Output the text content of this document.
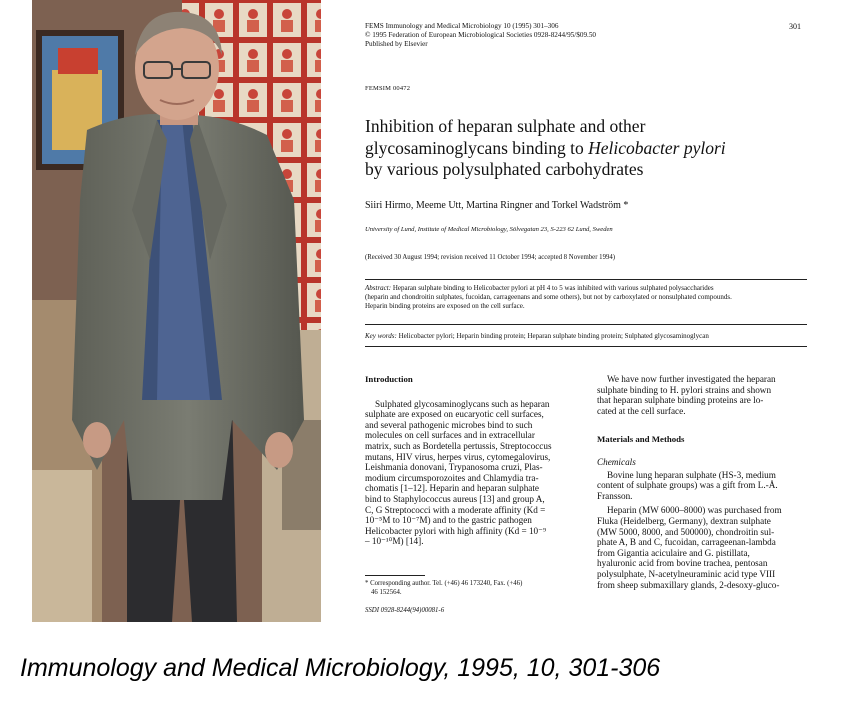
FEMS Immunology and Medical Microbiology 10 (1995) 301–306
© 1995 Federation of European Microbiological Societies 0928-8244/95/$09.50
Published by Elsevier
301
FEMSIM 00472
Inhibition of heparan sulphate and other
glycosaminoglycans binding to Helicobacter pylori
by various polysulphated carbohydrates
Siiri Hirmo, Meeme Utt, Martina Ringner and Torkel Wadström *
University of Lund, Institute of Medical Microbiology, Sölvegatan 23, S-223 62 Lund, Sweden
(Received 30 August 1994; revision received 11 October 1994; accepted 8 November 1994)
Abstract: Heparan sulphate binding to Helicobacter pylori at pH 4 to 5 was inhibited with various sulphated polysaccharides
(heparin and chondroitin sulphates, fucoidan, carrageenans and some others), but not by carboxylated or nonsulphated compounds.
Heparin binding proteins are exposed on the cell surface.
Key words: Helicobacter pylori; Heparin binding protein; Heparan sulphate binding protein; Sulphated glycosaminoglycan
Introduction
Sulphated glycosaminoglycans such as heparan
sulphate are exposed on eucaryotic cell surfaces,
and several pathogenic microbes bind to such
molecules on cell surfaces and in extracellular
matrix, such as Bordetella pertussis, Streptococcus
mutans, HIV virus, herpes virus, cytomegalovirus,
Leishmania donovani, Trypanosoma cruzi, Plas-
modium circumsporozoites and Chlamydia tra-
chomatis [1–12]. Heparin and heparan sulphate
bind to Staphylococcus aureus [13] and group A,
C, G Streptococci with a moderate affinity (Kd =
10⁻⁵M to 10⁻⁷M) and to the gastric pathogen
Helicobacter pylori with high affinity (Kd = 10⁻⁹
– 10⁻¹⁰M) [14].
* Corresponding author. Tel. (+46) 46 173240, Fax. (+46)
46 152564.
SSDI 0928-8244(94)00081-6
We have now further investigated the heparan
sulphate binding to H. pylori strains and shown
that heparan sulphate binding proteins are lo-
cated at the cell surface.
Materials and Methods
Chemicals
Bovine lung heparan sulphate (HS-3, medium
content of sulphate groups) was a gift from L.-Å.
Fransson.
Heparin (MW 6000–8000) was purchased from
Fluka (Heidelberg, Germany), dextran sulphate
(MW 5000, 8000, and 500000), chondroitin sul-
phate A, B and C, fucoidan, carrageenan-lambda
from Gigantia aciculaire and G. pistillata,
hyaluronic acid from bovine trachea, pentosan
polysulphate, N-acetylneuraminic acid type VIII
from sheep submaxillary glands, 2-desoxy-gluco-
Immunology and Medical Microbiology, 1995, 10, 301-306
